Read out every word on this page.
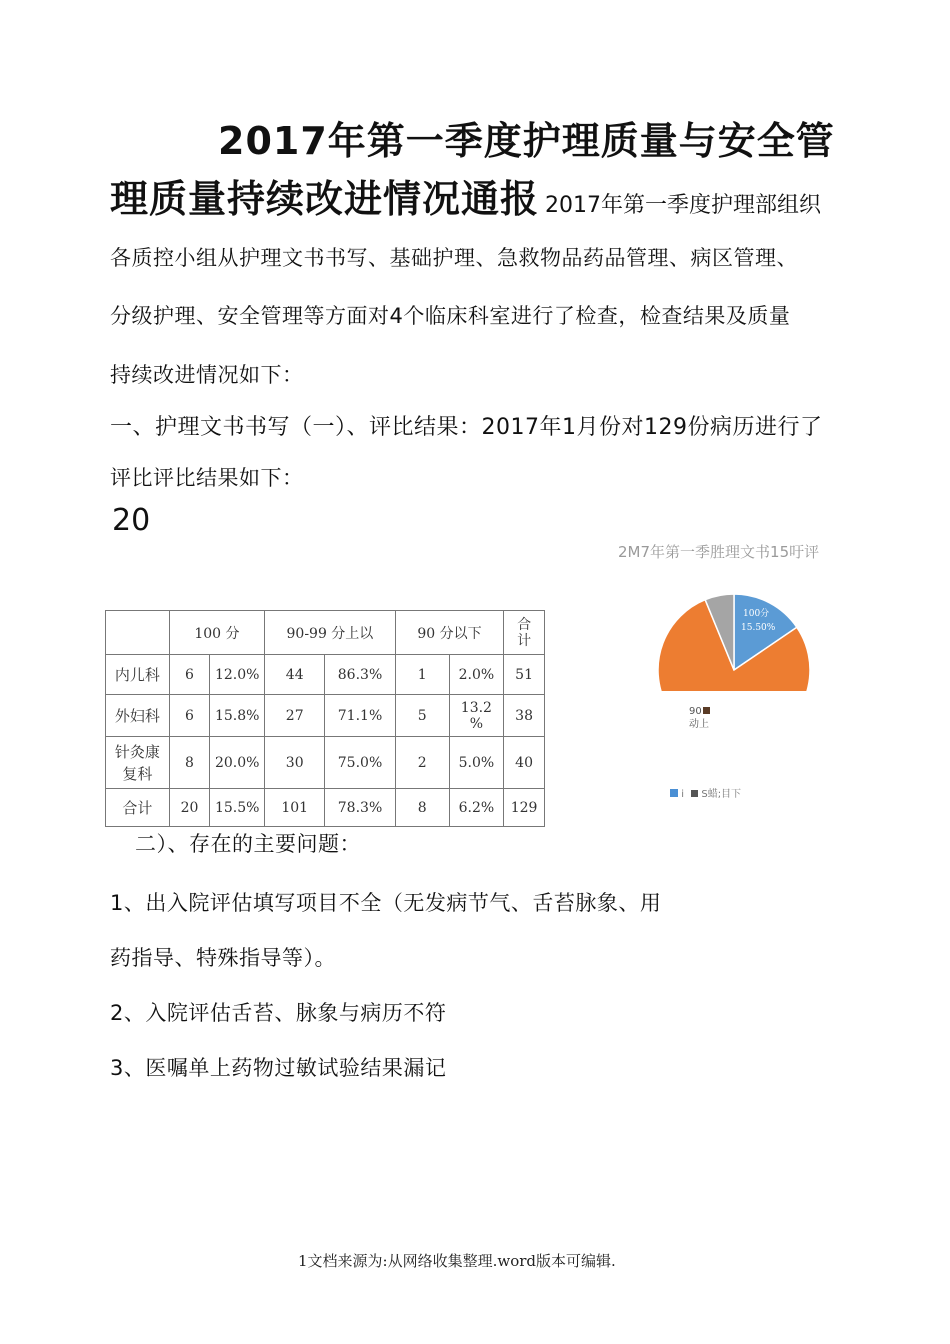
2017年第一季度护理质量与安全管
理质量持续改进情况通报 2017年第一季度护理部组织
各质控小组从护理文书书写、基础护理、急救物品药品管理、病区管理、
分级护理、安全管理等方面对4个临床科室进行了检查，检查结果及质量
持续改进情况如下：
一、护理文书书写（一）、评比结果：2017年1月份对129份病历进行了
评比评比结果如下：
20
	100 分		90-99 分上以		90 分以下		合
计
内儿科	6	12.0%	44	86.3%	1	2.0%	51
外妇科	6	15.8%	27	71.1%	5	13.2
%	38
针灸康
复科	8	20.0%	30	75.0%	2	5.0%	40
合计	20	15.5%	101	78.3%	8	6.2%	129
2M7年第一季胜理文书15吁评
100分
15.50%
90
动上
i S蜡;目下
二）、存在的主要问题：
1、出入院评估填写项目不全（无发病节气、舌苔脉象、用
药指导、特殊指导等）。
2、入院评估舌苔、脉象与病历不符
3、医嘱单上药物过敏试验结果漏记
1文档来源为:从网络收集整理.word版本可编辑.
